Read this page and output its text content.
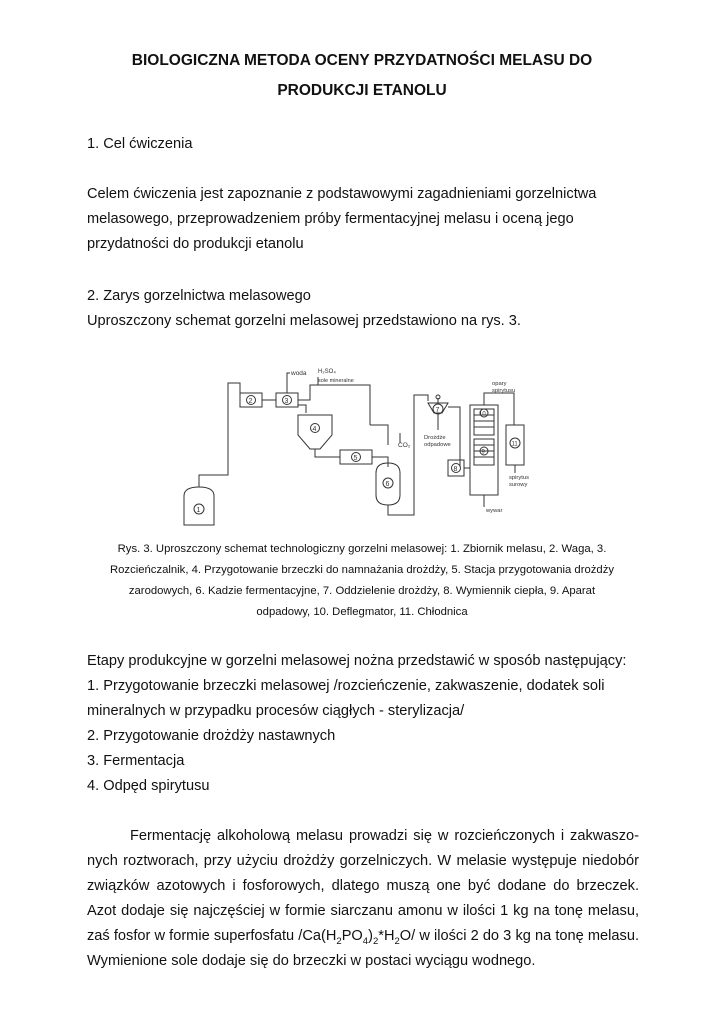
BIOLOGICZNA METODA OCENY PRZYDATNOŚCI MELASU DO
PRODUKCJI ETANOLU
1. Cel ćwiczenia
Celem ćwiczenia jest zapoznanie z podstawowymi zagadnieniami gorzelnictwa
melasowego, przeprowadzeniem próby fermentacyjnej melasu i oceną jego
przydatności do produkcji etanolu
2. Zarys gorzelnictwa melasowego
Uproszczony schemat gorzelni melasowej przedstawiono na rys. 3.
1
2	3
woda H₂SO₄
sole mineralne
4
5
CO₂
6
7
Drożdże
odpadowe
8
10
9
opary
spirytusu
11
spirytus
surowy
wywar
Rys. 3. Uproszczony schemat technologiczny gorzelni melasowej: 1. Zbiornik melasu, 2. Waga, 3.
Rozcieńczalnik, 4. Przygotowanie brzeczki do namnażania drożdży, 5. Stacja przygotowania drożdży
zarodowych, 6. Kadzie fermentacyjne, 7. Oddzielenie drożdży, 8. Wymiennik ciepła, 9. Aparat
odpadowy, 10. Deflegmator, 11. Chłodnica
Etapy produkcyjne w gorzelni melasowej nożna przedstawić w sposób następujący:
1. Przygotowanie brzeczki melasowej /rozcieńczenie, zakwaszenie, dodatek soli
mineralnych w przypadku procesów ciągłych - sterylizacja/
2. Przygotowanie drożdży nastawnych
3. Fermentacja
4. Odpęd spirytusu
Fermentację alkoholową melasu prowadzi się w rozcieńczonych i zakwaszo-
nych roztworach, przy użyciu drożdży gorzelniczych. W melasie występuje niedobór
związków azotowych i fosforowych, dlatego muszą one być dodane do brzeczek.
Azot dodaje się najczęściej w formie siarczanu amonu w ilości 1 kg na tonę melasu,
zaś fosfor w formie superfosfatu $/Ca(H_2PO_4)_2*H_2O/$ w ilości 2 do 3 kg na tonę melasu.
Wymienione sole dodaje się do brzeczki w postaci wyciągu wodnego.
